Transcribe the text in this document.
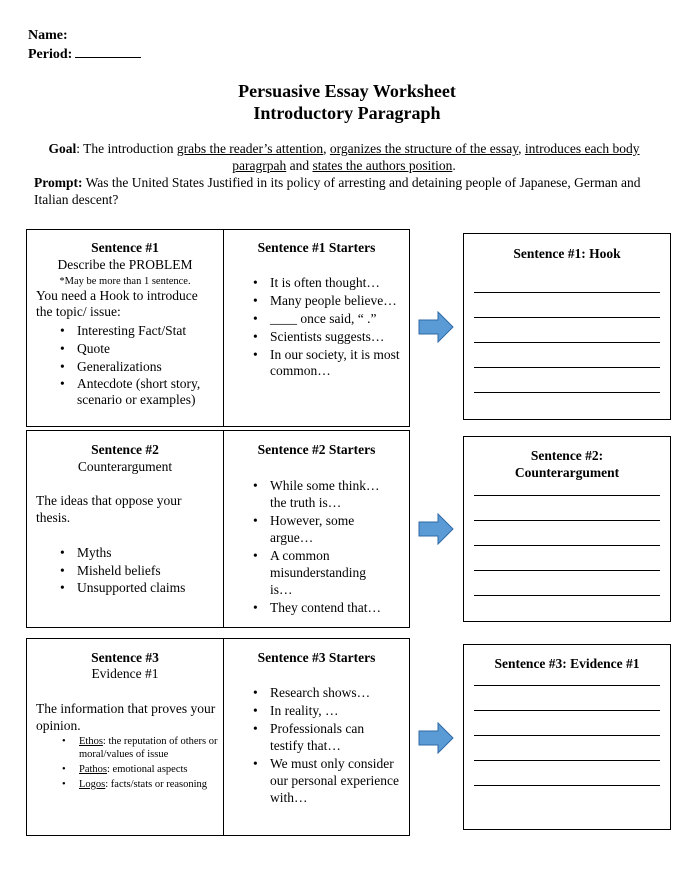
Name:
Period:
Persuasive Essay Worksheet
Introductory Paragraph
Goal: The introduction grabs the reader’s attention, organizes the structure of the essay, introduces each body paragrpah and states the authors position.
Prompt: Was the United States Justified in its policy of arresting and detaining people of Japanese, German and Italian descent?
Sentence #1
Describe the PROBLEM
*May be more than 1 sentence.
You need a Hook to introduce the topic/ issue:
• Interesting Fact/Stat
• Quote
• Generalizations
• Antecdote (short story, scenario or examples)
Sentence #1 Starters
• It is often thought…
• Many people believe…
• ____ once said, “ .”
• Scientists suggests…
• In our society, it is most common…
Sentence #1: Hook
Sentence #2
Counterargument
The ideas that oppose your thesis.
• Myths
• Misheld beliefs
• Unsupported claims
Sentence #2 Starters
• While some think… the truth is…
• However, some argue…
• A common misunderstanding is…
• They contend that…
Sentence #2: Counterargument
Sentence #3
Evidence #1
The information that proves your opinion.
• Ethos: the reputation of others or moral/values of issue
• Pathos: emotional aspects
• Logos: facts/stats or reasoning
Sentence #3 Starters
• Research shows…
• In reality, …
• Professionals can testify that…
• We must only consider our personal experience with…
Sentence #3: Evidence #1
